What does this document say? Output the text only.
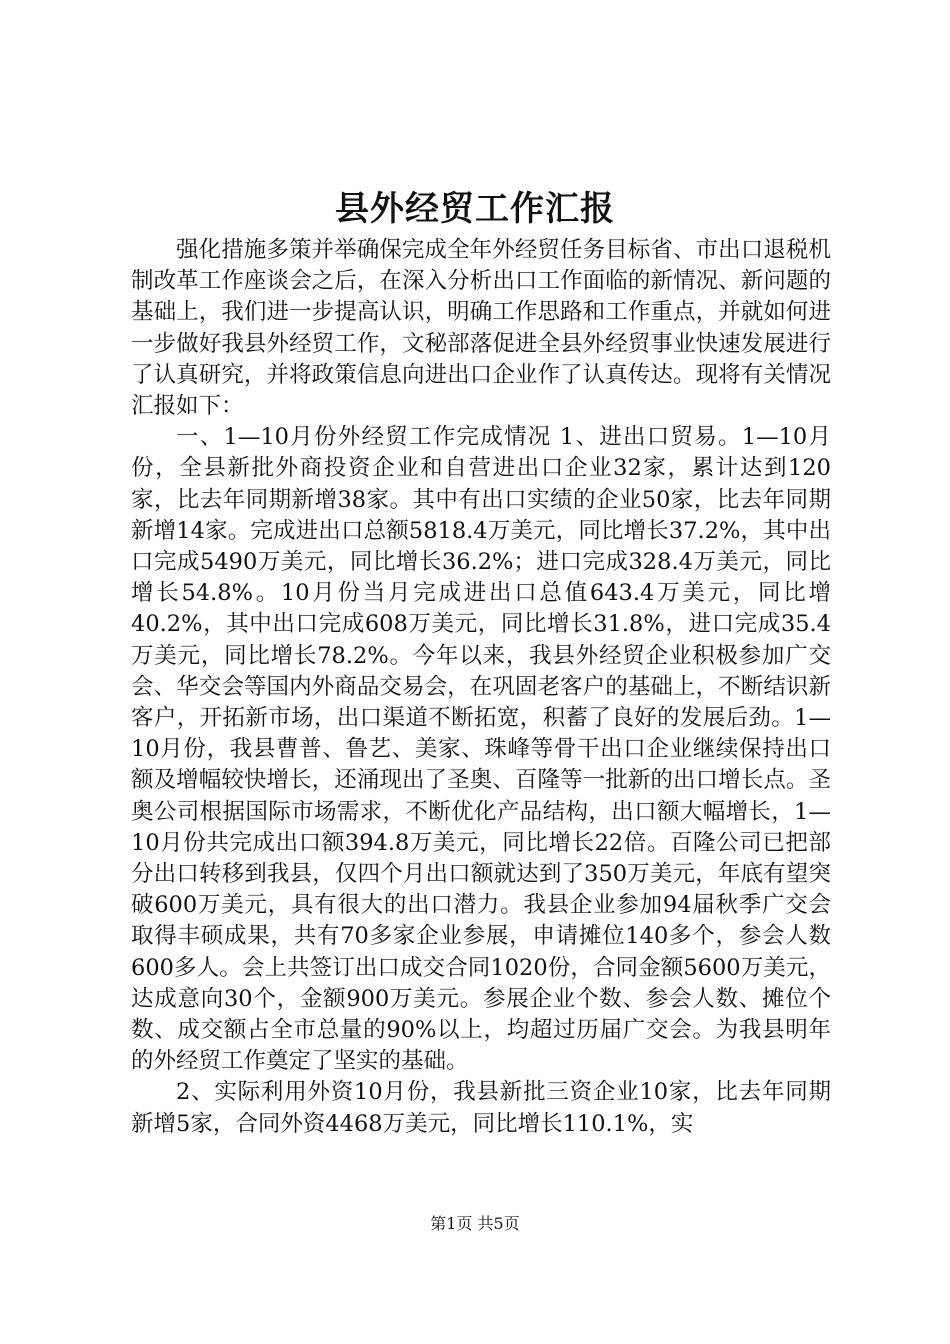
县外经贸工作汇报

强化措施多策并举确保完成全年外经贸任务目标省、市出口退税机制改革工作座谈会之后，在深入分析出口工作面临的新情况、新问题的基础上，我们进一步提高认识，明确工作思路和工作重点，并就如何进一步做好我县外经贸工作，文秘部落促进全县外经贸事业快速发展进行了认真研究，并将政策信息向进出口企业作了认真传达。现将有关情况汇报如下：

一、1—10月份外经贸工作完成情况 1、进出口贸易。1—10月份，全县新批外商投资企业和自营进出口企业32家，累计达到120家，比去年同期新增38家。其中有出口实绩的企业50家，比去年同期新增14家。完成进出口总额5818.4万美元，同比增长37.2%，其中出口完成5490万美元，同比增长36.2%；进口完成328.4万美元，同比增长54.8%。10月份当月完成进出口总值643.4万美元，同比增40.2%，其中出口完成608万美元，同比增长31.8%，进口完成35.4万美元，同比增长78.2%。今年以来，我县外经贸企业积极参加广交会、华交会等国内外商品交易会，在巩固老客户的基础上，不断结识新客户，开拓新市场，出口渠道不断拓宽，积蓄了良好的发展后劲。1—10月份，我县曹普、鲁艺、美家、珠峰等骨干出口企业继续保持出口额及增幅较快增长，还涌现出了圣奥、百隆等一批新的出口增长点。圣奥公司根据国际市场需求，不断优化产品结构，出口额大幅增长，1—10月份共完成出口额394.8万美元，同比增长22倍。百隆公司已把部分出口转移到我县，仅四个月出口额就达到了350万美元，年底有望突破600万美元，具有很大的出口潜力。我县企业参加94届秋季广交会取得丰硕成果，共有70多家企业参展，申请摊位140多个，参会人数600多人。会上共签订出口成交合同1020份，合同金额5600万美元，达成意向30个，金额900万美元。参展企业个数、参会人数、摊位个数、成交额占全市总量的90%以上，均超过历届广交会。为我县明年的外经贸工作奠定了坚实的基础。

2、实际利用外资10月份，我县新批三资企业10家，比去年同期新增5家，合同外资4468万美元，同比增长110.1%，实

第1页 共5页
